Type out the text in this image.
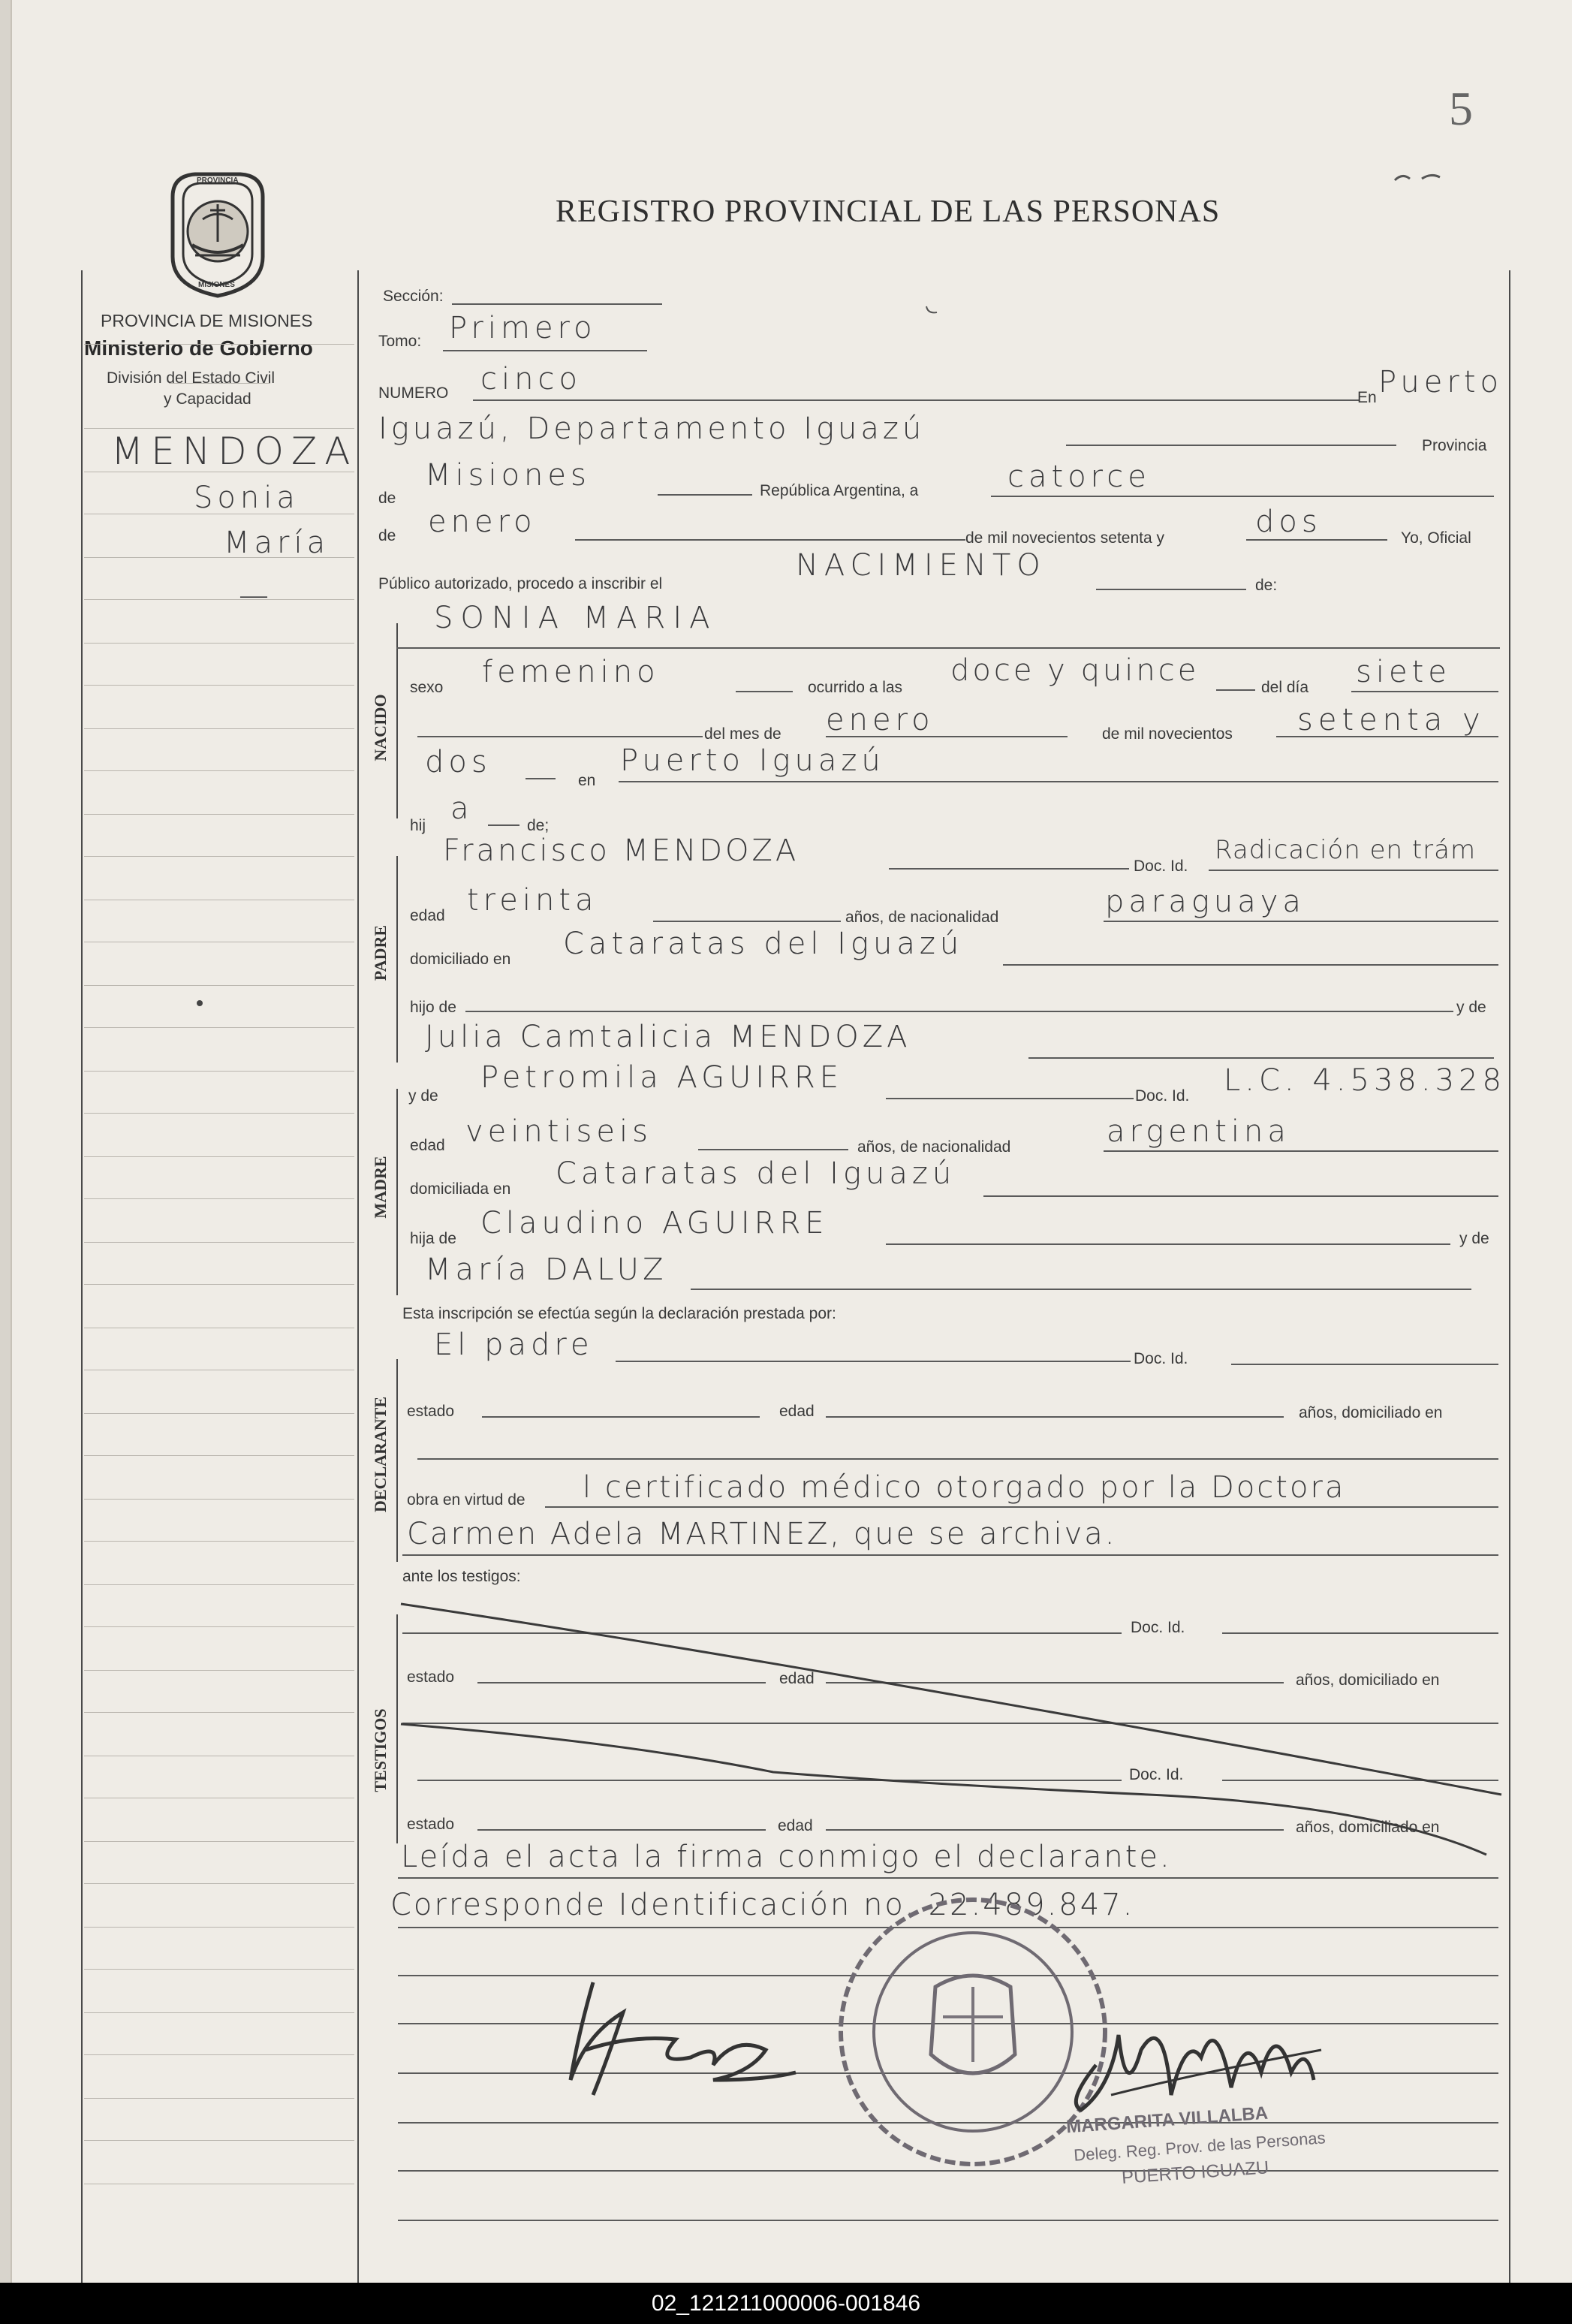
5
PROVINCIA
MISIONES
REGISTRO PROVINCIAL DE LAS PERSONAS
PROVINCIA DE MISIONES
Ministerio de Gobierno
División del Estado Civil
y Capacidad
MENDOZA
Sonia
María
—
NACIDO
PADRE
MADRE
DECLARANTE
TESTIGOS
Sección:
Tomo: Primero
NUMERO cinco
En Puerto
Iguazú, Departamento Iguazú	Provincia
de
Misiones	República Argentina, a	catorce
de enero	de mil novecientos setenta y	dos	Yo, Oficial
Público autorizado, procedo a inscribir el
NACIMIENTO
de:
SONIA MARIA
sexo femenino	ocurrido a las doce y quince	del día siete
del mes de enero	de mil novecientos setenta y
dos
en
Puerto Iguazú
hij a	de;
Francisco MENDOZA	Doc. Id.
Radicación en trám
edad treinta	años, de nacionalidad	paraguaya
domiciliado en Cataratas del Iguazú
hijo de	y de
Julia Camtalicia MENDOZA
y de
Petromila AGUIRRE
Doc. Id. L.C. 4.538.328
edad veintiseis	años, de nacionalidad	argentina
domiciliada en Cataratas del Iguazú
hija de Claudino AGUIRRE	y de
María DALUZ
Esta inscripción se efectúa según la declaración prestada por:
El padre	Doc. Id.
estado	edad	años, domiciliado en
obra en virtud de l certificado médico otorgado por la Doctora
Carmen Adela MARTINEZ, que se archiva.
ante los testigos:
Doc. Id.
estado	edad	años, domiciliado en
Doc. Id.
estado	edad	años, domiciliado en
Leída el acta la firma conmigo el declarante.
Corresponde Identificación no. 22.489.847.
MARGARITA VILLALBA
Deleg. Reg. Prov. de las Personas
PUERTO IGUAZU
02_121211000006-001846
